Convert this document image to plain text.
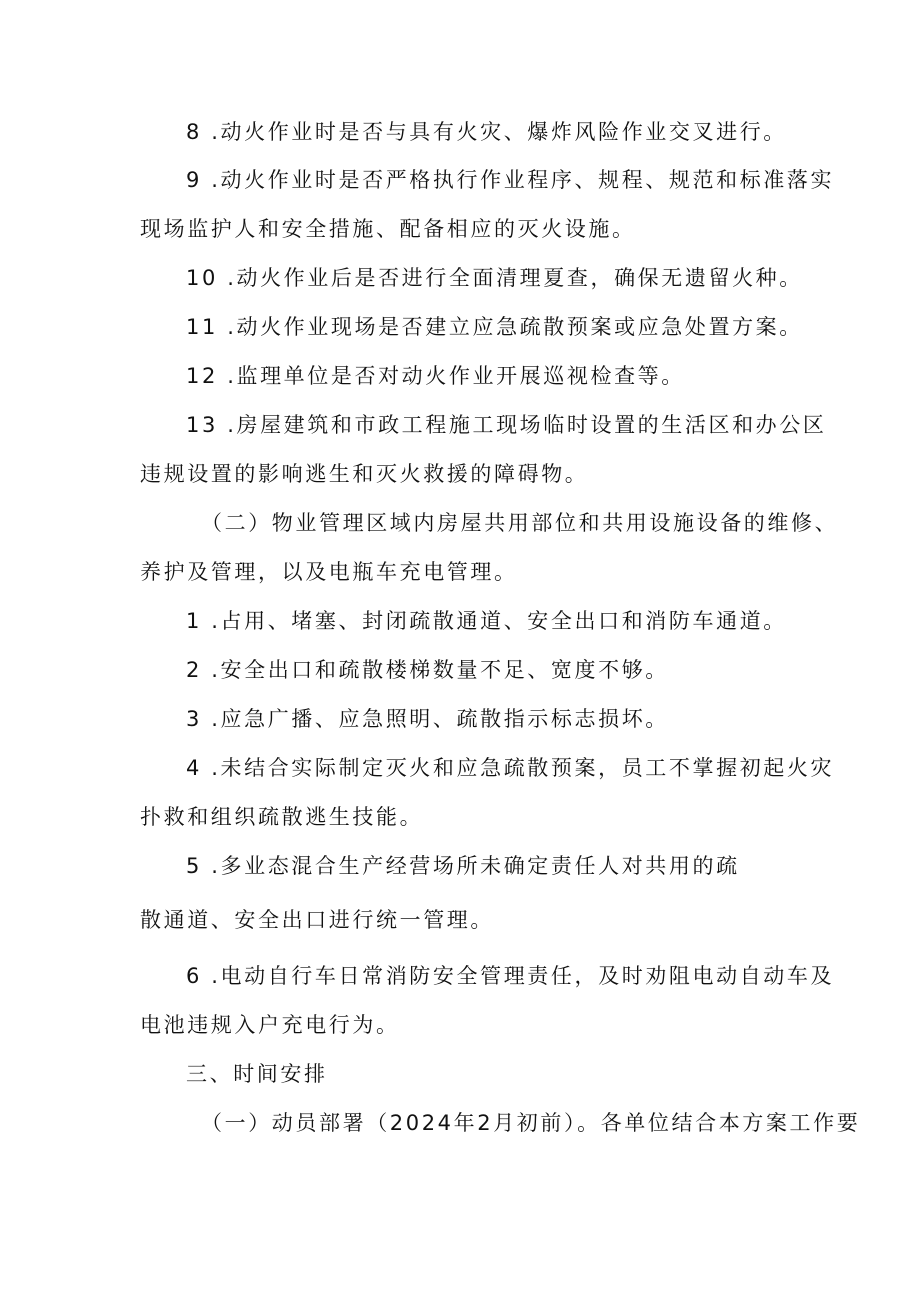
8 .动火作业时是否与具有火灾、爆炸风险作业交叉进行。
9 .动火作业时是否严格执行作业程序、规程、规范和标准落实
现场监护人和安全措施、配备相应的灭火设施。
10 .动火作业后是否进行全面清理夏查，确保无遗留火种。
11 .动火作业现场是否建立应急疏散预案或应急处置方案。
12 .监理单位是否对动火作业开展巡视检查等。
13 .房屋建筑和市政工程施工现场临时设置的生活区和办公区
违规设置的影响逃生和灭火救援的障碍物。
（二）物业管理区域内房屋共用部位和共用设施设备的维修、
养护及管理，以及电瓶车充电管理。
1 .占用、堵塞、封闭疏散通道、安全出口和消防车通道。
2 .安全出口和疏散楼梯数量不足、宽度不够。
3 .应急广播、应急照明、疏散指示标志损坏。
4 .未结合实际制定灭火和应急疏散预案，员工不掌握初起火灾
扑救和组织疏散逃生技能。
5 .多业态混合生产经营场所未确定责任人对共用的疏
散通道、安全出口进行统一管理。
6 .电动自行车日常消防安全管理责任，及时劝阻电动自动车及
电池违规入户充电行为。
三、时间安排
（一）动员部署（2024年2月初前）。各单位结合本方案工作要
